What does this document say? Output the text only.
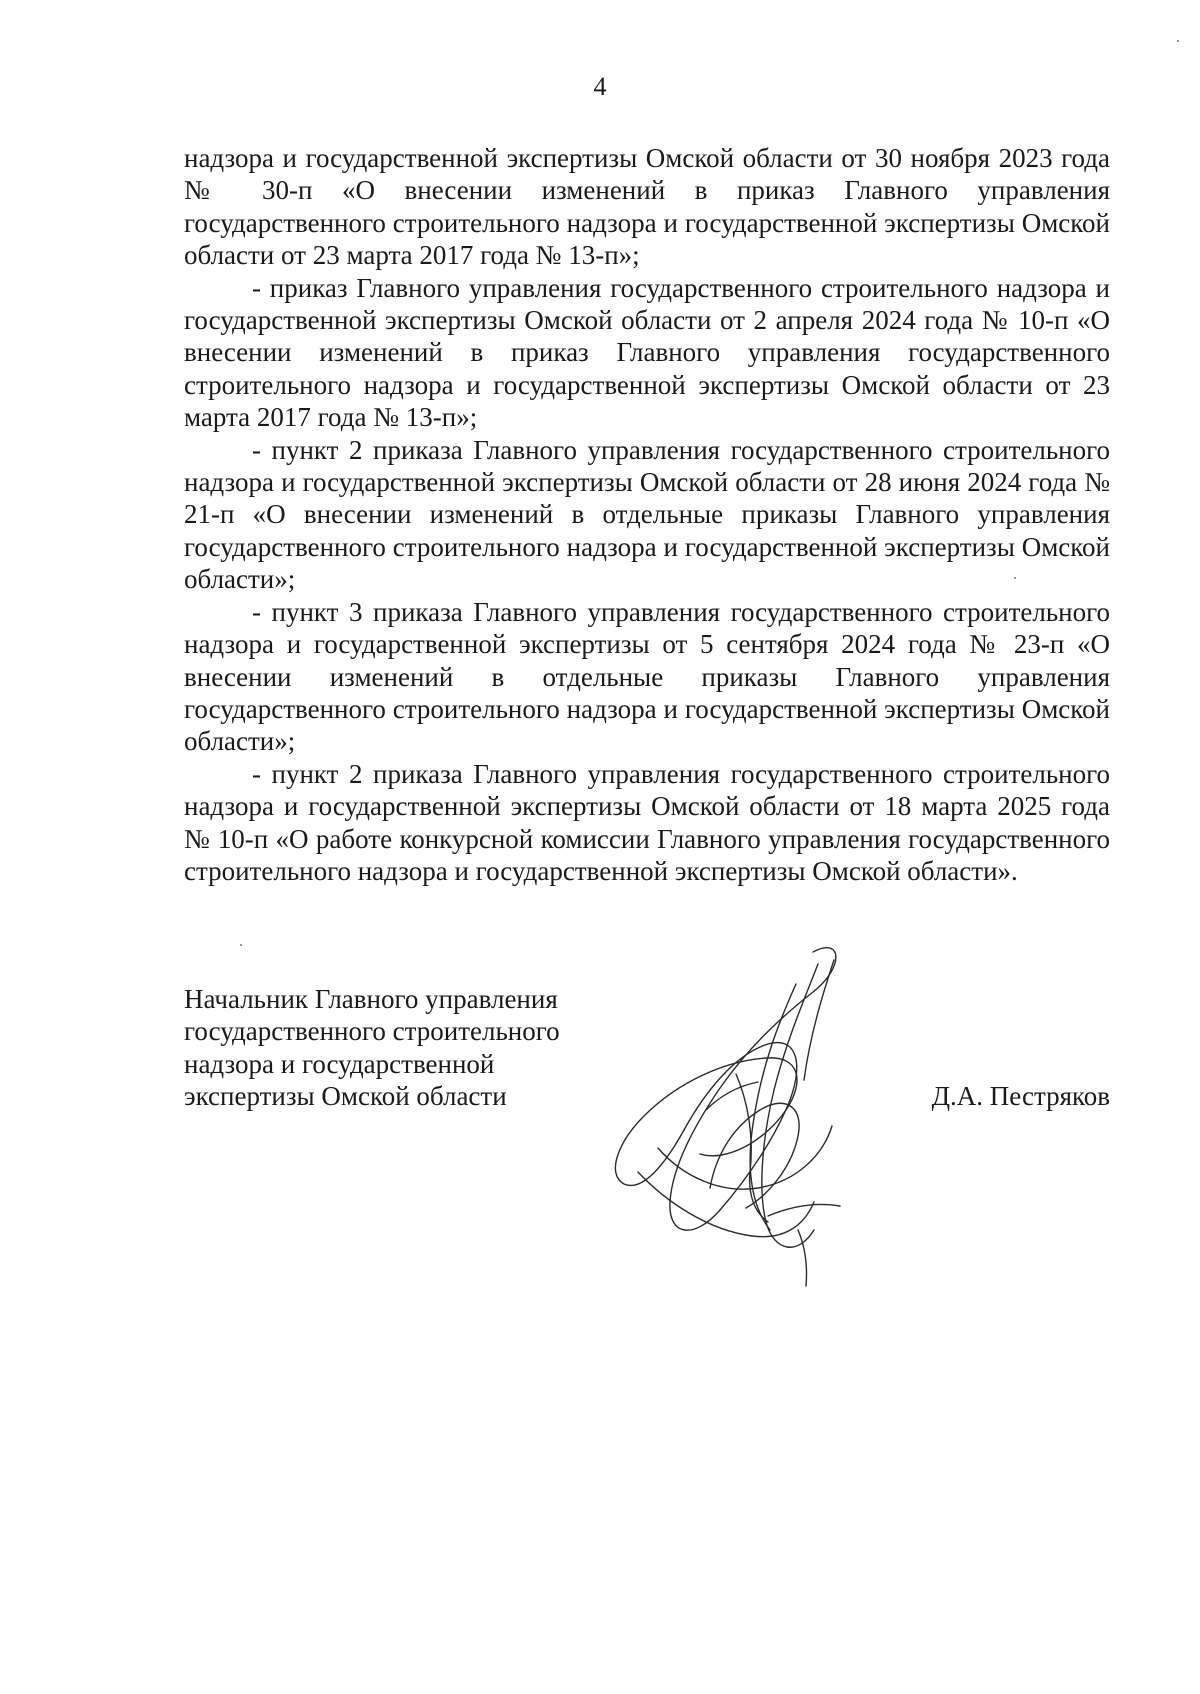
4

надзора и государственной экспертизы Омской области от 30 ноября 2023 года № 30-п «О внесении изменений в приказ Главного управления государственного строительного надзора и государственной экспертизы Омской области от 23 марта 2017 года № 13-п»;

- приказ Главного управления государственного строительного надзора и государственной экспертизы Омской области от 2 апреля 2024 года № 10-п «О внесении изменений в приказ Главного управления государственного строительного надзора и государственной экспертизы Омской области от 23 марта 2017 года № 13-п»;

- пункт 2 приказа Главного управления государственного строительного надзора и государственной экспертизы Омской области от 28 июня 2024 года № 21-п «О внесении изменений в отдельные приказы Главного управления государственного строительного надзора и государственной экспертизы Омской области»;

- пункт 3 приказа Главного управления государственного строительного надзора и государственной экспертизы от 5 сентября 2024 года № 23-п «О внесении изменений в отдельные приказы Главного управления государственного строительного надзора и государственной экспертизы Омской области»;

- пункт 2 приказа Главного управления государственного строительного надзора и государственной экспертизы Омской области от 18 марта 2025 года № 10-п «О работе конкурсной комиссии Главного управления государственного строительного надзора и государственной экспертизы Омской области».

Начальник Главного управления
государственного строительного
надзора и государственной
экспертизы Омской области	Д.А. Пестряков
